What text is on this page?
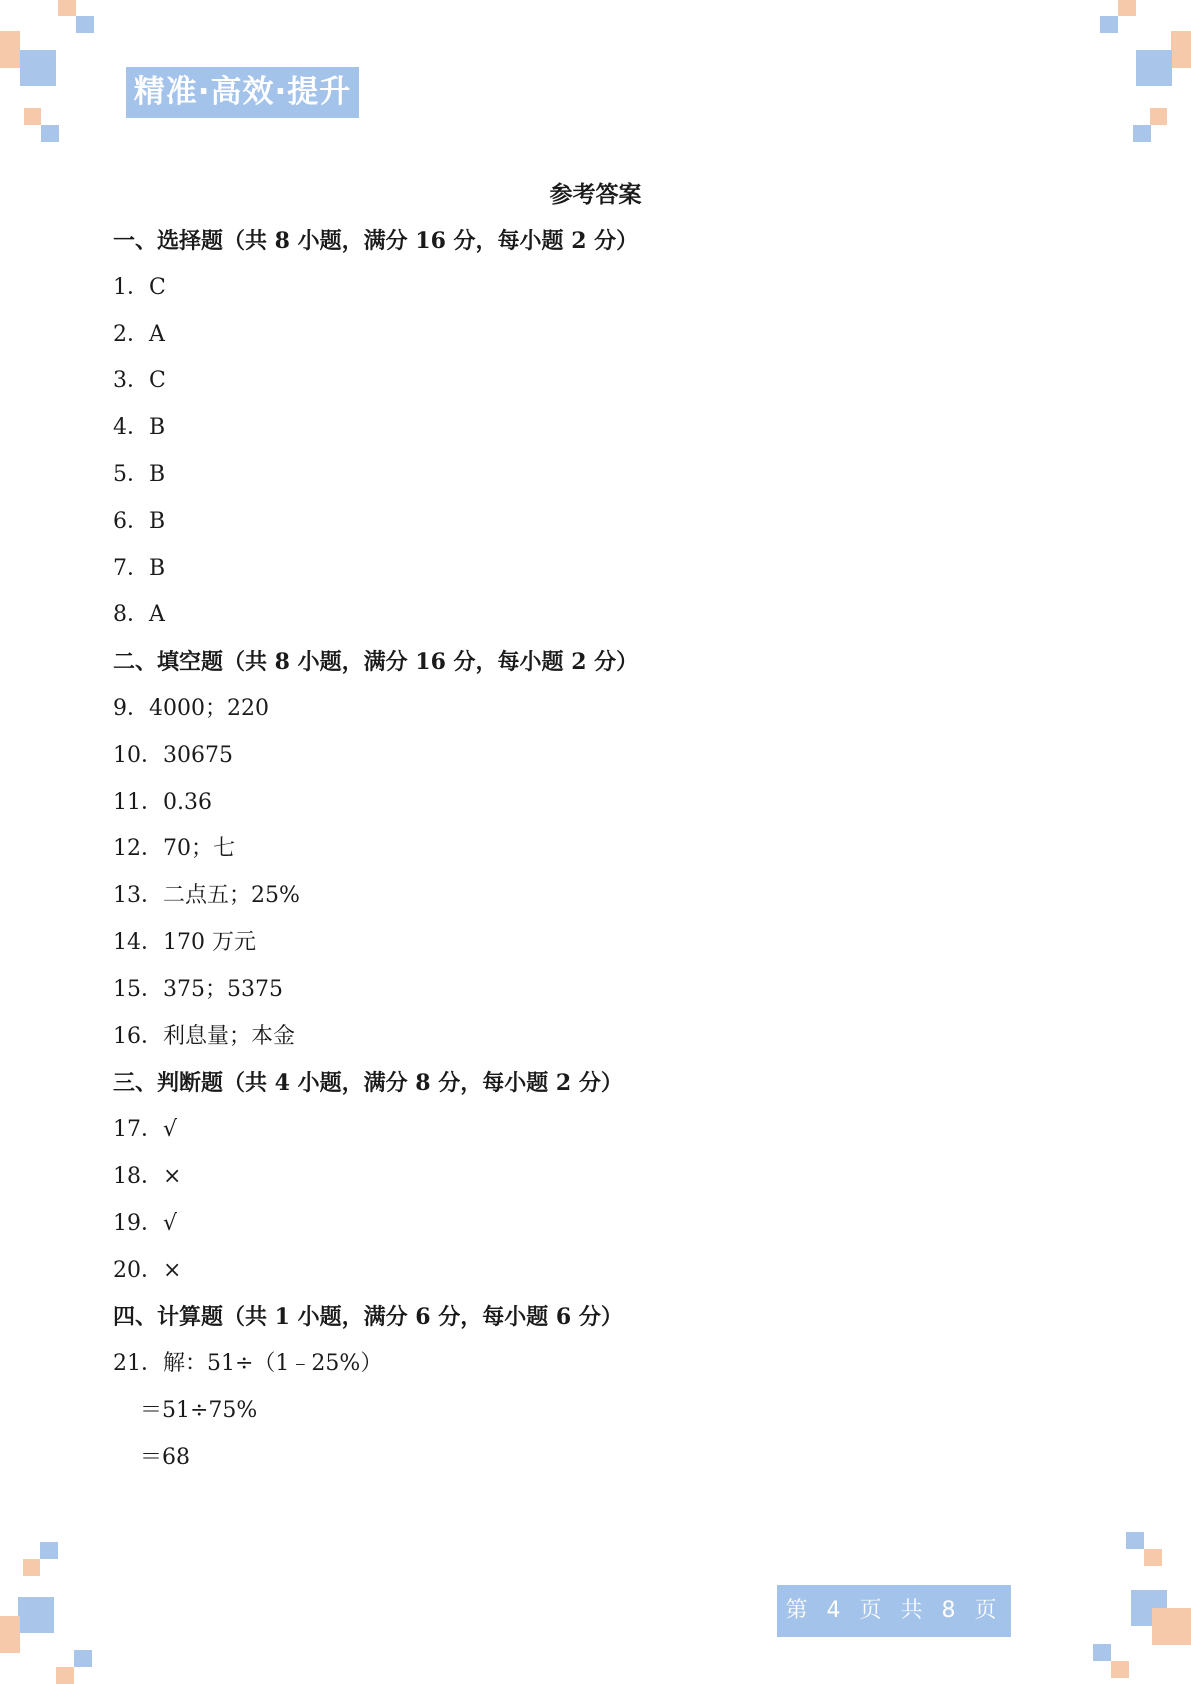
精准·高效·提升
参考答案
一、选择题（共 8 小题，满分 16 分，每小题 2 分）
1．C
2．A
3．C
4．B
5．B
6．B
7．B
8．A
二、填空题（共 8 小题，满分 16 分，每小题 2 分）
9．4000；220
10．30675
11．0.36
12．70；七
13．二点五；25%
14．170 万元
15．375；5375
16．利息量；本金
三、判断题（共 4 小题，满分 8 分，每小题 2 分）
17．√
18．×
19．√
20．×
四、计算题（共 1 小题，满分 6 分，每小题 6 分）
21．解：51÷（1﹣25%）
＝51÷75%
＝68
第 4 页 共 8 页
